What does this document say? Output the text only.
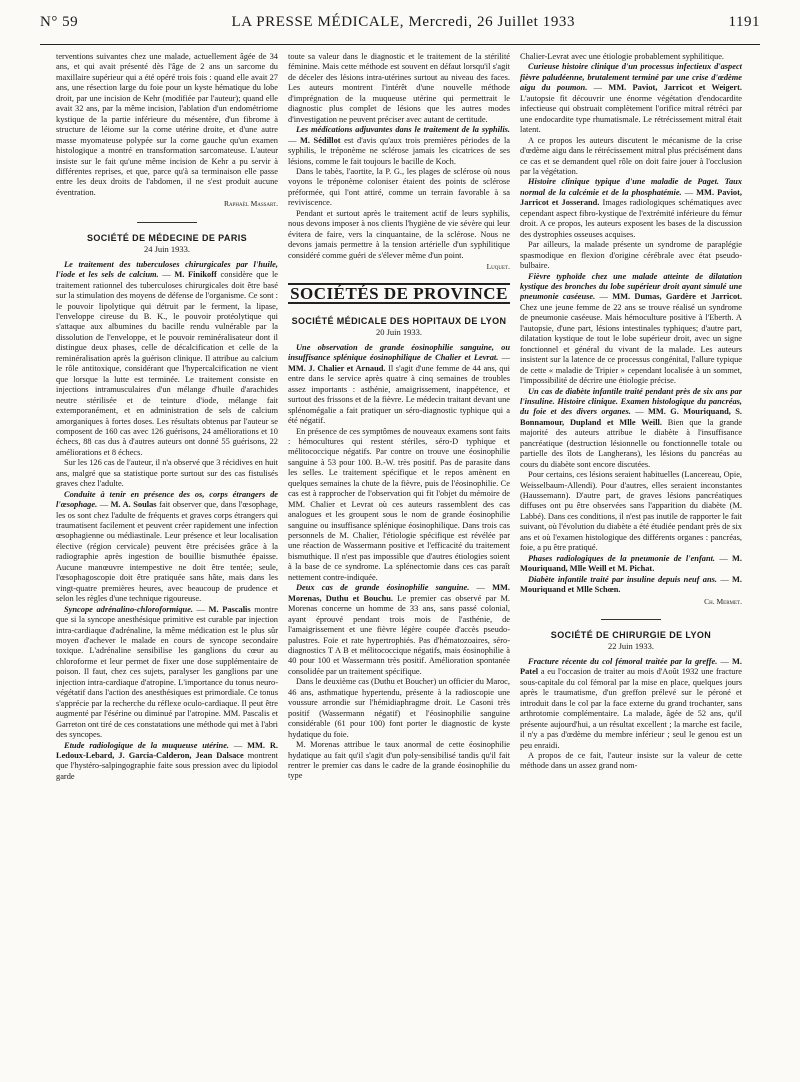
N° 59	LA PRESSE MÉDICALE, Mercredi, 26 Juillet 1933	1191

terventions suivantes chez une malade, actuellement âgée de 34 ans, et qui avait présenté dès l'âge de 2 ans un sarcome du maxillaire supérieur qui a été opéré trois fois : quand elle avait 27 ans, une résection large du foie pour un kyste hématique du lobe droit, par une incision de Kehr (modifiée par l'auteur); quand elle avait 32 ans, par la même incision, l'ablation d'un endométriome kystique de la partie inférieure du mésentère, d'un fibrome à structure de léiome sur la corne utérine droite, et d'une autre masse myomateuse polypée sur la corne gauche qu'un examen histologique a montré en transformation sarcomateuse. L'auteur insiste sur le fait qu'une même incision de Kehr a pu servir à différentes reprises, et que, parce qu'à sa terminaison elle passe entre les deux droits de l'abdomen, il ne s'est produit aucune éventration.

Raphaël Massart.
SOCIÉTÉ DE MÉDECINE DE PARIS
24 Juin 1933.

Le traitement des tuberculoses chirurgicales par l'huile, l'iode et les sels de calcium. — M. Finikoff considère que le traitement rationnel des tuberculoses chirurgicales doit être basé sur la stimulation des moyens de défense de l'organisme. Ce sont : le pouvoir lipolytique qui détruit par le ferment, la lipase, l'enveloppe cireuse du B. K., le pouvoir protéolytique qui s'attaque aux albumines du bacille rendu vulnérable par la dissolution de l'enveloppe, et le pouvoir reminéralisateur dont il distingue deux phases, celle de décalcification et celle de la reminéralisation après la guérison clinique. Il attribue au calcium le rôle antitoxique, considérant que l'hypercalcification ne vient que lorsque la lutte est terminée. Le traitement consiste en injections intramusculaires d'un mélange d'huile d'arachides neutre stérilisée et de teinture d'iode, mélange fait extemporanément, et en administration de sels de calcium amorganiques à fortes doses. Les résultats obtenus par l'auteur se composent de 160 cas avec 126 guérisons, 24 améliorations et 10 échecs, 88 cas dus à d'autres auteurs ont donné 55 guérisons, 22 améliorations et 8 échecs.

Sur les 126 cas de l'auteur, il n'a observé que 3 récidives en huit ans, malgré que sa statistique porte surtout sur des cas fistulisés graves chez l'adulte.

Conduite à tenir en présence des os, corps étrangers de l'œsophage. — M. A. Soulas fait observer que, dans l'œsophage, les os sont chez l'adulte de fréquents et graves corps étrangers qui traumatisent facilement et peuvent créer rapidement une infection œsophagienne ou médiastinale. Leur présence et leur localisation élective (région cervicale) peuvent être précisées grâce à la radiographie après ingestion de bouillie bismuthée épaisse. Aucune manœuvre intempestive ne doit être tentée; seule, l'œsophagoscopie doit être pratiquée sans hâte, mais dans les vingt-quatre premières heures, avec beaucoup de prudence et selon les règles d'une technique rigoureuse.

Syncope adrénalino-chloroformique. — M. Pascalis montre que si la syncope anesthésique primitive est curable par injection intra-cardiaque d'adrénaline, la même médication est le plus sûr moyen d'achever le malade en cours de syncope secondaire toxique. L'adrénaline sensibilise les ganglions du cœur au chloroforme et leur permet de fixer une dose supplémentaire de poison. Il faut, chez ces sujets, paralyser les ganglions par une injection intra-cardiaque d'atropine. L'importance du tonus neuro-végétatif dans l'action des anesthésiques est primordiale. Ce tonus s'apprécie par la recherche du réflexe oculo-cardiaque. Il peut être augmenté par l'ésérine ou diminué par l'atropine. MM. Pascalis et Garreton ont tiré de ces constatations une méthode qui met à l'abri des syncopes.

Etude radiologique de la muqueuse utérine. — MM. R. Ledoux-Lebard, J. Garcia-Calderon, Jean Dalsace montrent que l'hystéro-salpingographie faite sous pression avec du lipiodol garde

toute sa valeur dans le diagnostic et le traitement de la stérilité féminine. Mais cette méthode est souvent en défaut lorsqu'il s'agit de déceler des lésions intra-utérines surtout au niveau des faces. Les auteurs montrent l'intérêt d'une nouvelle méthode d'imprégnation de la muqueuse utérine qui permettrait le diagnostic plus complet de lésions que les autres modes d'investigation ne peuvent préciser avec autant de certitude.

Les médications adjuvantes dans le traitement de la syphilis. — M. Sédillot est d'avis qu'aux trois premières périodes de la syphilis, le tréponème ne sclérose jamais les cicatrices de ses lésions, comme le fait toujours le bacille de Koch.

Dans le tabès, l'aortite, la P. G., les plages de sclérose où nous voyons le tréponème coloniser étaient des points de sclérose préformée, qui l'ont attiré, comme un terrain favorable à sa reviviscence.

Pendant et surtout après le traitement actif de leurs syphilis, nous devons imposer à nos clients l'hygiène de vie sévère qui leur évitera de faire, vers la cinquantaine, de la sclérose. Nous ne devons jamais permettre à la tension artérielle d'un syphilitique considéré comme guéri de s'élever même d'un point.

Luquet.
SOCIÉTÉS DE PROVINCE
SOCIÉTÉ MÉDICALE DES HOPITAUX DE LYON
20 Juin 1933.

Une observation de grande éosinophilie sanguine, ou insuffisance splénique éosinophilique de Chalier et Levrat. — MM. J. Chalier et Arnaud. Il s'agit d'une femme de 44 ans, qui entre dans le service après quatre à cinq semaines de troubles assez importants : asthénie, amaigrissement, inappétence, et surtout des frissons et de la fièvre. Le médecin traitant devant une splénomégalie a fait pratiquer un séro-diagnostic typhique qui a été négatif.

En présence de ces symptômes de nouveaux examens sont faits : hémocultures qui restent stériles, séro-D typhique et mélitococcique négatifs. Par contre on trouve une éosinophilie sanguine à 53 pour 100. B.-W. très positif. Pas de parasite dans les selles. Le traitement spécifique et le repos amènent en quelques semaines la chute de la fièvre, puis de l'éosinophilie. Ce cas est à rapprocher de l'observation qui fit l'objet du mémoire de MM. Chalier et Levrat où ces auteurs rassemblent des cas analogues et les groupent sous le nom de grande éosinophilie sanguine ou insuffisance splénique éosinophilique. Dans trois cas personnels de M. Chalier, l'étiologie spécifique est révélée par une réaction de Wassermann positive et l'efficacité du traitement bismuthique. Il n'est pas impossible que d'autres étiologies soient à la base de ce syndrome. La splénectomie dans ces cas paraît nettement contre-indiquée.

Deux cas de grande éosinophilie sanguine. — MM. Morenas, Duthu et Bouchu. Le premier cas observé par M. Morenas concerne un homme de 33 ans, sans passé colonial, ayant éprouvé pendant trois mois de l'asthénie, de l'amaigrissement et une fièvre légère coupée d'accès pseudo-palustres. Foie et rate hypertrophiés. Pas d'hématozoaires, séro-diagnostics T A B et mélitococcique négatifs, mais éosinophilie à 40 pour 100 et Wassermann très positif. Amélioration spontanée consolidée par un traitement spécifique.

Dans le deuxième cas (Duthu et Boucher) un officier du Maroc, 46 ans, asthmatique hypertendu, présente à la radioscopie une voussure arrondie sur l'hémidiaphragme droit. Le Casoni très positif (Wassermann négatif) et l'éosinophilie sanguine considérable (61 pour 100) font porter le diagnostic de kyste hydatique du foie.

M. Morenas attribue le taux anormal de cette éosinophilie hydatique au fait qu'il s'agit d'un poly-sensibilisé tandis qu'il fait rentrer le premier cas dans le cadre de la grande éosinophilie du type

Chalier-Levrat avec une étiologie probablement syphilitique.

Curieuse histoire clinique d'un processus infectieux d'aspect fièvre paludéenne, brutalement terminé par une crise d'œdème aigu du poumon. — MM. Paviot, Jarricot et Weigert. L'autopsie fit découvrir une énorme végétation d'endocardite infectieuse qui obstruait complètement l'orifice mitral rétréci par une endocardite type rhumatismale. Le rétrécissement mitral était latent.

A ce propos les auteurs discutent le mécanisme de la crise d'œdème aigu dans le rétrécissement mitral plus précisément dans ce cas et se demandent quel rôle on doit faire jouer à l'occlusion par la végétation.

Histoire clinique typique d'une maladie de Paget. Taux normal de la calcémie et de la phosphatémie. — MM. Paviot, Jarricot et Josserand. Images radiologiques schématiques avec cependant aspect fibro-kystique de l'extrémité inférieure du fémur droit. A ce propos, les auteurs exposent les bases de la discussion des dystrophies osseuses acquises.

Par ailleurs, la malade présente un syndrome de paraplégie spasmodique en flexion d'origine cérébrale avec état pseudo-bulbaire.

Fièvre typhoïde chez une malade atteinte de dilatation kystique des bronches du lobe supérieur droit ayant simulé une pneumonie caséeuse. — MM. Dumas, Gardère et Jarricot. Chez une jeune femme de 22 ans se trouve réalisé un syndrome de pneumonie caséeuse. Mais hémoculture positive à l'Eberth. A l'autopsie, d'une part, lésions intestinales typhiques; d'autre part, dilatation kystique de tout le lobe supérieur droit, avec un signe fonctionnel et général du vivant de la malade. Les auteurs insistent sur la latence de ce processus congénital, l'allure typique de cette « maladie de Tripier » cependant localisée à un sommet, l'impossibilité de décrire une étiologie précise.

Un cas de diabète infantile traité pendant près de six ans par l'insuline. Histoire clinique. Examen histologique du pancréas, du foie et des divers organes. — MM. G. Mouriquand, S. Bonnamour, Dupland et Mlle Weill. Bien que la grande majorité des auteurs attribue le diabète à l'insuffisance pancréatique (destruction lésionnelle ou fonctionnelle totale ou partielle des îlots de Langherans), les lésions du pancréas au cours du diabète sont encore discutées.

Pour certains, ces lésions seraient habituelles (Lancereau, Opie, Weisselbaum-Allendi). Pour d'autres, elles seraient inconstantes (Haussemann). D'autre part, de graves lésions pancréatiques diffuses ont pu être observées sans l'apparition du diabète (M. Labbé). Dans ces conditions, il n'est pas inutile de rapporter le fait suivant, où l'évolution du diabète a été étudiée pendant près de six ans et où l'examen histologique des différents organes : pancréas, foie, a pu être pratiqué.

Phases radiologiques de la pneumonie de l'enfant. — M. Mouriquand, Mlle Weill et M. Pichat.

Diabète infantile traité par insuline depuis neuf ans. — M. Mouriquand et Mlle Schœn.

Ch. Mermet.
SOCIÉTÉ DE CHIRURGIE DE LYON
22 Juin 1933.

Fracture récente du col fémoral traitée par la greffe. — M. Patel a eu l'occasion de traiter au mois d'Août 1932 une fracture sous-capitale du col fémoral par la mise en place, quelques jours après le traumatisme, d'un greffon prélevé sur le péroné et introduit dans le col par la face externe du grand trochanter, sans arthrotomie complémentaire. La malade, âgée de 52 ans, qu'il présente aujourd'hui, a un résultat excellent ; la marche est facile, il n'y a pas d'œdème du membre inférieur ; seul le genou est un peu enraidi.

A propos de ce fait, l'auteur insiste sur la valeur de cette méthode dans un assez grand nom-
